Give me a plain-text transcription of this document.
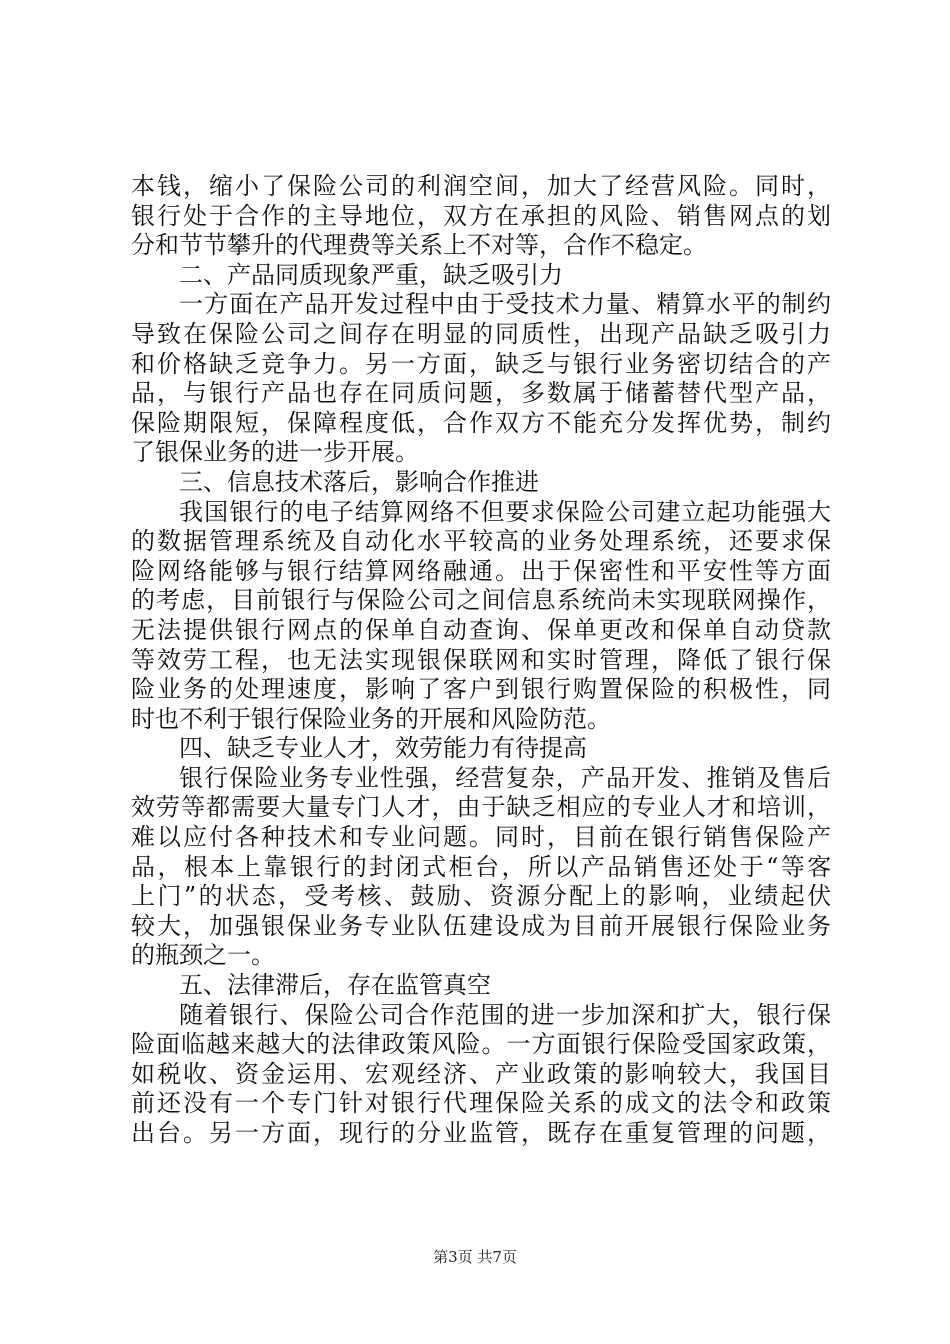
本钱，缩小了保险公司的利润空间，加大了经营风险。同时，
银行处于合作的主导地位，双方在承担的风险、销售网点的划
分和节节攀升的代理费等关系上不对等，合作不稳定。
二、产品同质现象严重，缺乏吸引力
一方面在产品开发过程中由于受技术力量、精算水平的制约
导致在保险公司之间存在明显的同质性，出现产品缺乏吸引力
和价格缺乏竞争力。另一方面，缺乏与银行业务密切结合的产
品，与银行产品也存在同质问题，多数属于储蓄替代型产品，
保险期限短，保障程度低，合作双方不能充分发挥优势，制约
了银保业务的进一步开展。
三、信息技术落后，影响合作推进
我国银行的电子结算网络不但要求保险公司建立起功能强大
的数据管理系统及自动化水平较高的业务处理系统，还要求保
险网络能够与银行结算网络融通。出于保密性和平安性等方面
的考虑，目前银行与保险公司之间信息系统尚未实现联网操作，
无法提供银行网点的保单自动查询、保单更改和保单自动贷款
等效劳工程，也无法实现银保联网和实时管理，降低了银行保
险业务的处理速度，影响了客户到银行购置保险的积极性，同
时也不利于银行保险业务的开展和风险防范。
四、缺乏专业人才，效劳能力有待提高
银行保险业务专业性强，经营复杂，产品开发、推销及售后
效劳等都需要大量专门人才，由于缺乏相应的专业人才和培训，
难以应付各种技术和专业问题。同时，目前在银行销售保险产
品，根本上靠银行的封闭式柜台，所以产品销售还处于“等客
上门”的状态，受考核、鼓励、资源分配上的影响，业绩起伏
较大，加强银保业务专业队伍建设成为目前开展银行保险业务
的瓶颈之一。
五、法律滞后，存在监管真空
随着银行、保险公司合作范围的进一步加深和扩大，银行保
险面临越来越大的法律政策风险。一方面银行保险受国家政策，
如税收、资金运用、宏观经济、产业政策的影响较大，我国目
前还没有一个专门针对银行代理保险关系的成文的法令和政策
出台。另一方面，现行的分业监管，既存在重复管理的问题，
第3页 共7页
